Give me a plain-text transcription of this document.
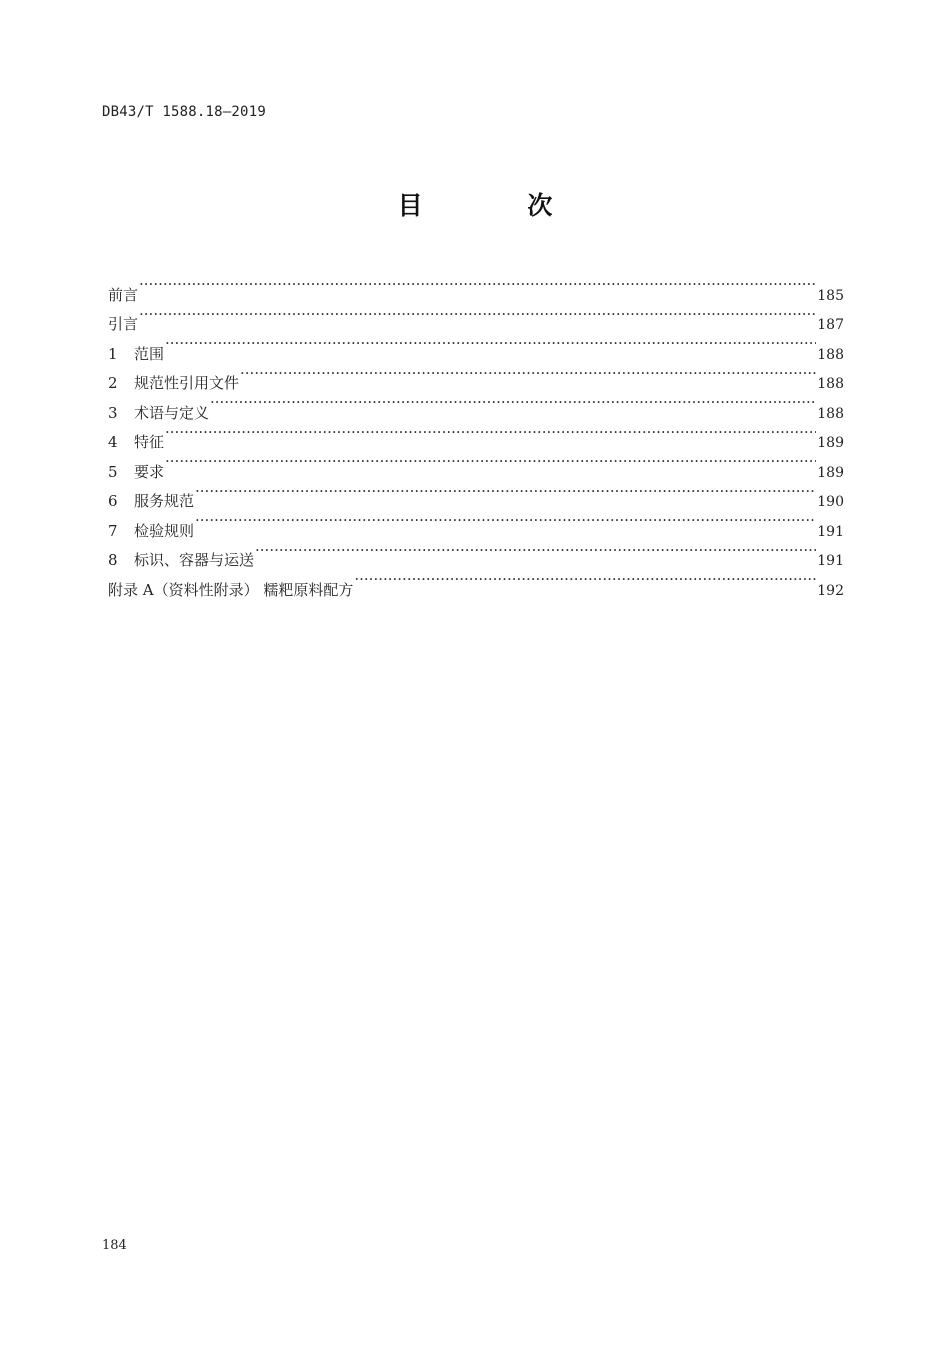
DB43/T 1588.18—2019
目 次
前言 ·····	185
引言 ·····	187
1	范围 ·····	188
2	规范性引用文件 ·····	188
3	术语与定义 ·····	188
4	特征 ·····	189
5	要求 ·····	189
6	服务规范 ·····	190
7	检验规则 ·····	191
8	标识、容器与运送 ·····	191
附录 A（资料性附录） 糯粑原料配方 ·····	192
184
